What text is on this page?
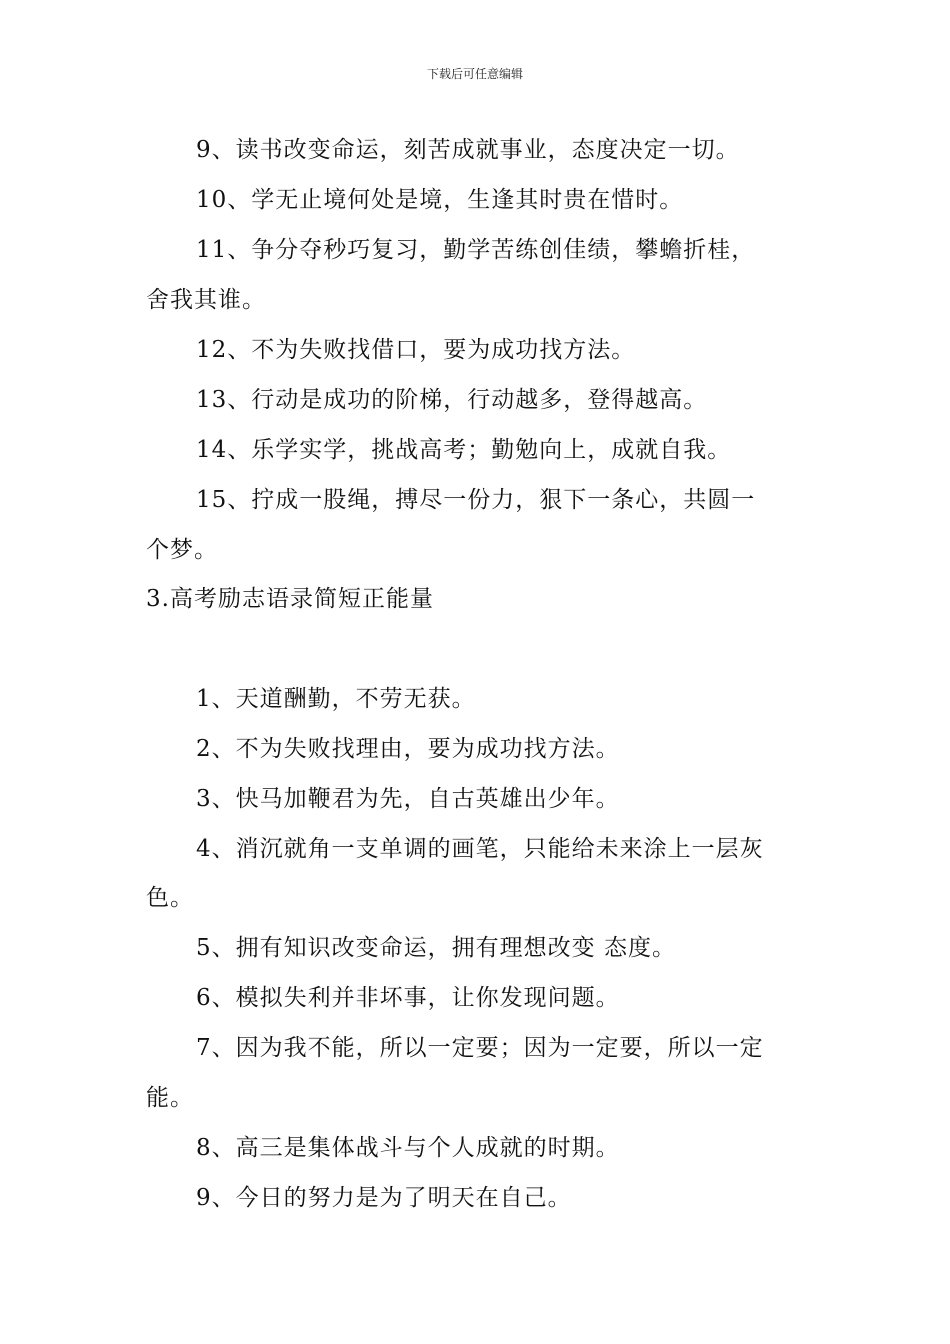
下载后可任意编辑
9、读书改变命运，刻苦成就事业，态度决定一切。
10、学无止境何处是境，生逢其时贵在惜时。
11、争分夺秒巧复习，勤学苦练创佳绩，攀蟾折桂，
舍我其谁。
12、不为失败找借口，要为成功找方法。
13、行动是成功的阶梯，行动越多，登得越高。
14、乐学实学，挑战高考；勤勉向上，成就自我。
15、拧成一股绳，搏尽一份力，狠下一条心，共圆一
个梦。
3.高考励志语录简短正能量
1、天道酬勤，不劳无获。
2、不为失败找理由，要为成功找方法。
3、快马加鞭君为先，自古英雄出少年。
4、消沉就角一支单调的画笔，只能给未来涂上一层灰
色。
5、拥有知识改变命运，拥有理想改变 态度。
6、模拟失利并非坏事，让你发现问题。
7、因为我不能，所以一定要；因为一定要，所以一定
能。
8、高三是集体战斗与个人成就的时期。
9、今日的努力是为了明天在自己。
